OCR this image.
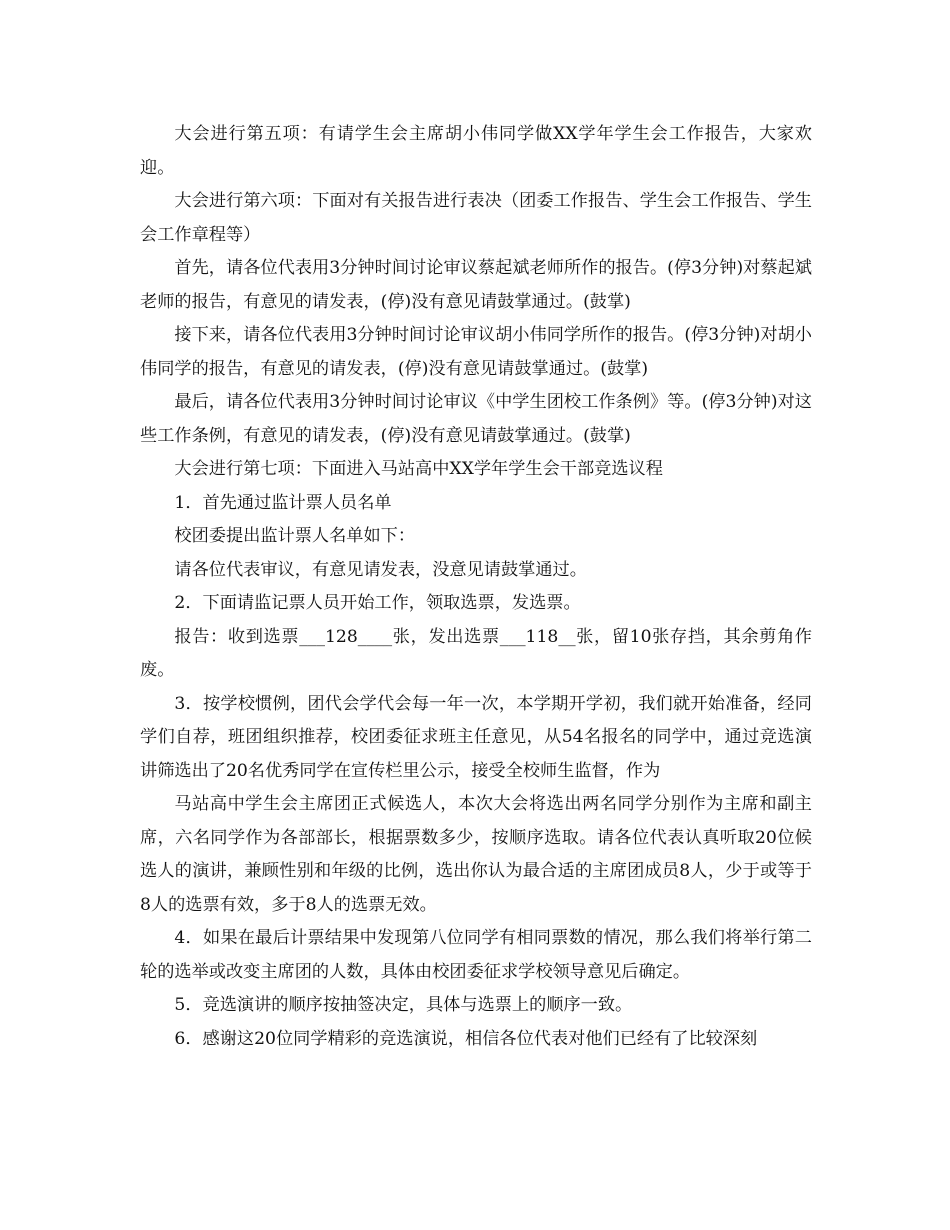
大会进行第五项：有请学生会主席胡小伟同学做XX学年学生会工作报告，大家欢迎。

大会进行第六项：下面对有关报告进行表决（团委工作报告、学生会工作报告、学生会工作章程等）

首先，请各位代表用3分钟时间讨论审议蔡起斌老师所作的报告。(停3分钟)对蔡起斌老师的报告，有意见的请发表，(停)没有意见请鼓掌通过。(鼓掌)

接下来，请各位代表用3分钟时间讨论审议胡小伟同学所作的报告。(停3分钟)对胡小伟同学的报告，有意见的请发表，(停)没有意见请鼓掌通过。(鼓掌)

最后，请各位代表用3分钟时间讨论审议《中学生团校工作条例》等。(停3分钟)对这些工作条例，有意见的请发表，(停)没有意见请鼓掌通过。(鼓掌)

大会进行第七项：下面进入马站高中XX学年学生会干部竞选议程

1．首先通过监计票人员名单

校团委提出监计票人名单如下：

请各位代表审议，有意见请发表，没意见请鼓掌通过。

2．下面请监记票人员开始工作，领取选票，发选票。

报告：收到选票___128____张，发出选票___118__张，留10张存挡，其余剪角作废。

3．按学校惯例，团代会学代会每一年一次，本学期开学初，我们就开始准备，经同学们自荐，班团组织推荐，校团委征求班主任意见，从54名报名的同学中，通过竞选演讲筛选出了20名优秀同学在宣传栏里公示，接受全校师生监督，作为

马站高中学生会主席团正式候选人，本次大会将选出两名同学分别作为主席和副主席，六名同学作为各部部长，根据票数多少，按顺序选取。请各位代表认真听取20位候选人的演讲，兼顾性别和年级的比例，选出你认为最合适的主席团成员8人，少于或等于8人的选票有效，多于8人的选票无效。

4．如果在最后计票结果中发现第八位同学有相同票数的情况，那么我们将举行第二轮的选举或改变主席团的人数，具体由校团委征求学校领导意见后确定。

5．竞选演讲的顺序按抽签决定，具体与选票上的顺序一致。

6．感谢这20位同学精彩的竞选演说，相信各位代表对他们已经有了比较深刻
